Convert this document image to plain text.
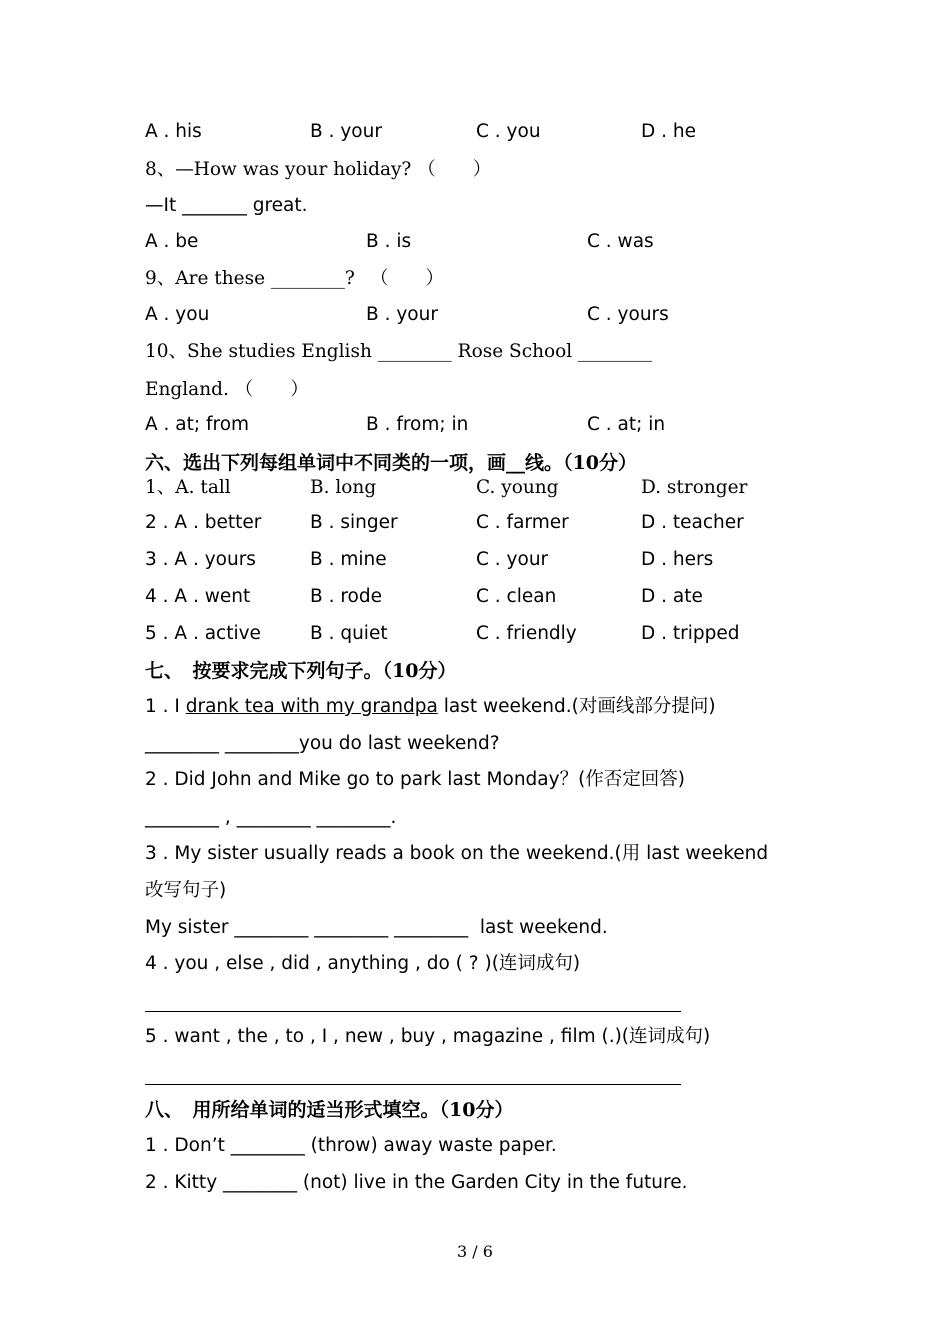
A . his	B . your	C . you	D . he
8、—How was your holiday? （　　）
—It _______ great.
A . be	B . is	C . was
9、Are these ________? 　（　　）
A . you	B . your	C . yours
10、She studies English ________ Rose School ________
England. （　　）
A . at; from	B . from; in	C . at; in
六、选出下列每组单词中不同类的一项，画__线。（10分）
1、A. tall	B. long	C. young	D. stronger
2 . A . better	B . singer	C . farmer	D . teacher
3 . A . yours	B . mine	C . your	D . hers
4 . A . went	B . rode	C . clean	D . ate
5 . A . active	B . quiet	C . friendly	D . tripped
七、　按要求完成下列句子。（10分）
1 . I drank tea with my grandpa last weekend.(对画线部分提问)
________ ________you do last weekend?
2 . Did John and Mike go to park last Monday？(作否定回答)
________ , ________ ________.
3 . My sister usually reads a book on the weekend.(用 last weekend
改写句子)
My sister ________ ________ ________  last weekend.
4 . you , else , did , anything , do ( ? )(连词成句)
5 . want , the , to , I , new , buy , magazine , film (.)(连词成句)
八、　用所给单词的适当形式填空。（10分）
1 . Don’t ________ (throw) away waste paper.
2 . Kitty ________ (not) live in the Garden City in the future.
3 / 6
